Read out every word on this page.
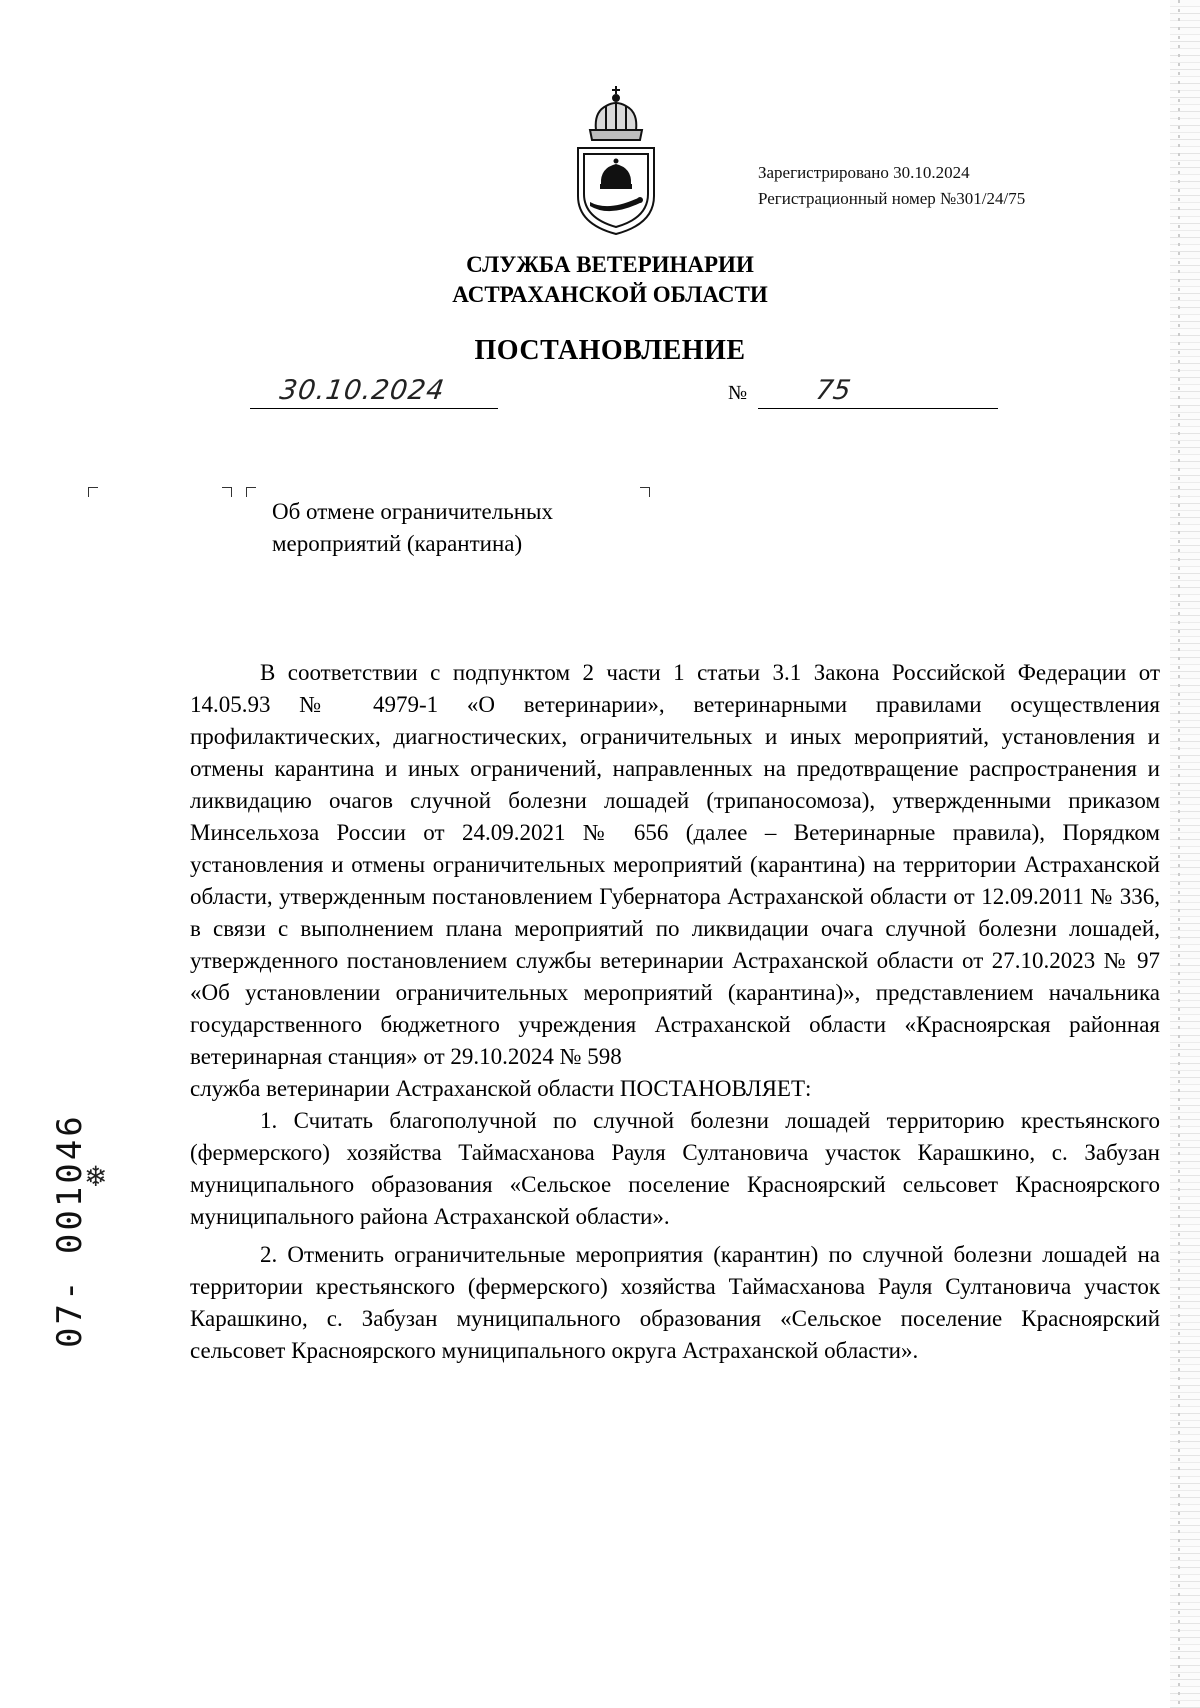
Зарегистрировано 30.10.2024
Регистрационный номер №301/24/75
СЛУЖБА ВЕТЕРИНАРИИ
АСТРАХАНСКОЙ ОБЛАСТИ
ПОСТАНОВЛЕНИЕ
30.10.2024	№ 75
Об отмене ограничительных
мероприятий (карантина)

В соответствии с подпунктом 2 части 1 статьи 3.1 Закона Российской Федерации от 14.05.93 № 4979-1 «О ветеринарии», ветеринарными правилами осуществления профилактических, диагностических, ограничительных и иных мероприятий, установления и отмены карантина и иных ограничений, направленных на предотвращение распространения и ликвидацию очагов случной болезни лошадей (трипаносомоза), утвержденными приказом Минсельхоза России от 24.09.2021 № 656 (далее – Ветеринарные правила), Порядком установления и отмены ограничительных мероприятий (карантина) на территории Астраханской области, утвержденным постановлением Губернатора Астраханской области от 12.09.2011 № 336, в связи с выполнением плана мероприятий по ликвидации очага случной болезни лошадей, утвержденного постановлением службы ветеринарии Астраханской области от 27.10.2023 № 97 «Об установлении ограничительных мероприятий (карантина)», представлением начальника государственного бюджетного учреждения Астраханской области «Красноярская районная ветеринарная станция» от 29.10.2024 № 598

служба ветеринарии Астраханской области ПОСТАНОВЛЯЕТ:

1. Считать благополучной по случной болезни лошадей территорию крестьянского (фермерского) хозяйства Таймасханова Рауля Султановича участок Карашкино, с. Забузан муниципального образования «Сельское поселение Красноярский сельсовет Красноярского муниципального района Астраханской области».

2. Отменить ограничительные мероприятия (карантин) по случной болезни лошадей на территории крестьянского (фермерского) хозяйства Таймасханова Рауля Султановича участок Карашкино, с. Забузан муниципального образования «Сельское поселение Красноярский сельсовет Красноярского муниципального округа Астраханской области».

❄
07- 001046
